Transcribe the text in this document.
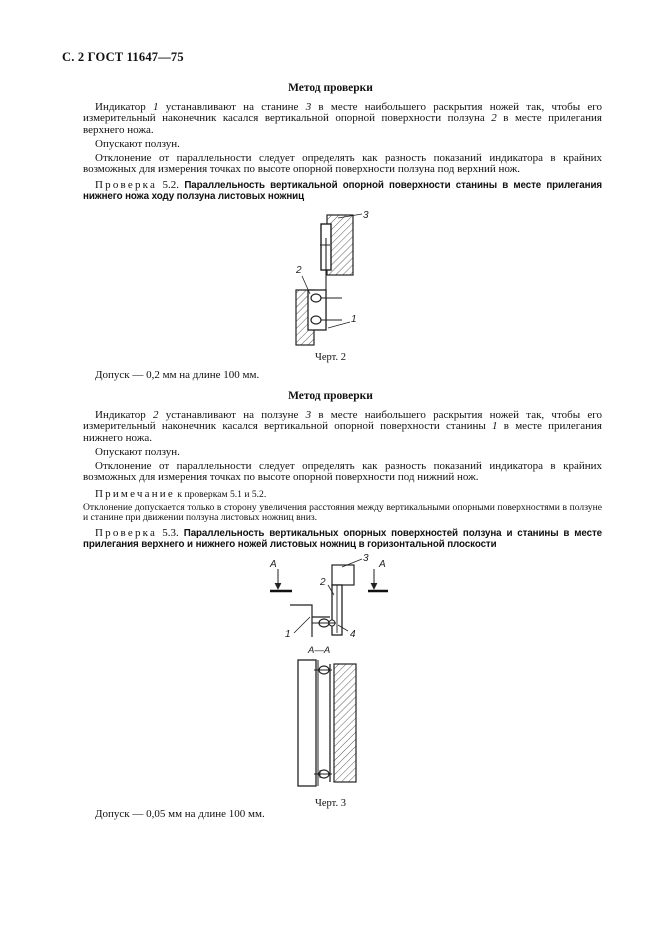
С. 2 ГОСТ 11647—75
Метод проверки
Индикатор 1 устанавливают на станине 3 в месте наибольшего раскрытия ножей так, чтобы его измерительный наконечник касался вертикальной опорной поверхности ползуна 2 в месте прилегания верхнего ножа.
Опускают ползун.
Отклонение от параллельности следует определять как разность показаний индикатора в крайних возможных для измерения точках по высоте опорной поверхности ползуна под верхний нож.
Проверка 5.2. Параллельность вертикальной опорной поверхности станины в месте прилегания нижнего ножа ходу ползуна листовых ножниц
3
2
1
Черт. 2
Допуск — 0,2 мм на длине 100 мм.
Метод проверки
Индикатор 2 устанавливают на ползуне 3 в месте наибольшего раскрытия ножей так, чтобы его измерительный наконечник касался вертикальной опорной поверхности станины 1 в месте прилегания нижнего ножа.
Опускают ползун.
Отклонение от параллельности следует определять как разность показаний индикатора в крайних возможных для измерения точках по высоте опорной поверхности под нижний нож.
Примечание к проверкам 5.1 и 5.2.
Отклонение допускается только в сторону увеличения расстояния между вертикальными опорными поверхностями в ползуне и станине при движении ползуна листовых ножниц вниз.
Проверка 5.3. Параллельность вертикальных опорных поверхностей ползуна и станины в месте прилегания верхнего и нижнего ножей листовых ножниц в горизонтальной плоскости
А	А
3
2
1	4
А—А
Черт. 3
Допуск — 0,05 мм на длине 100 мм.
